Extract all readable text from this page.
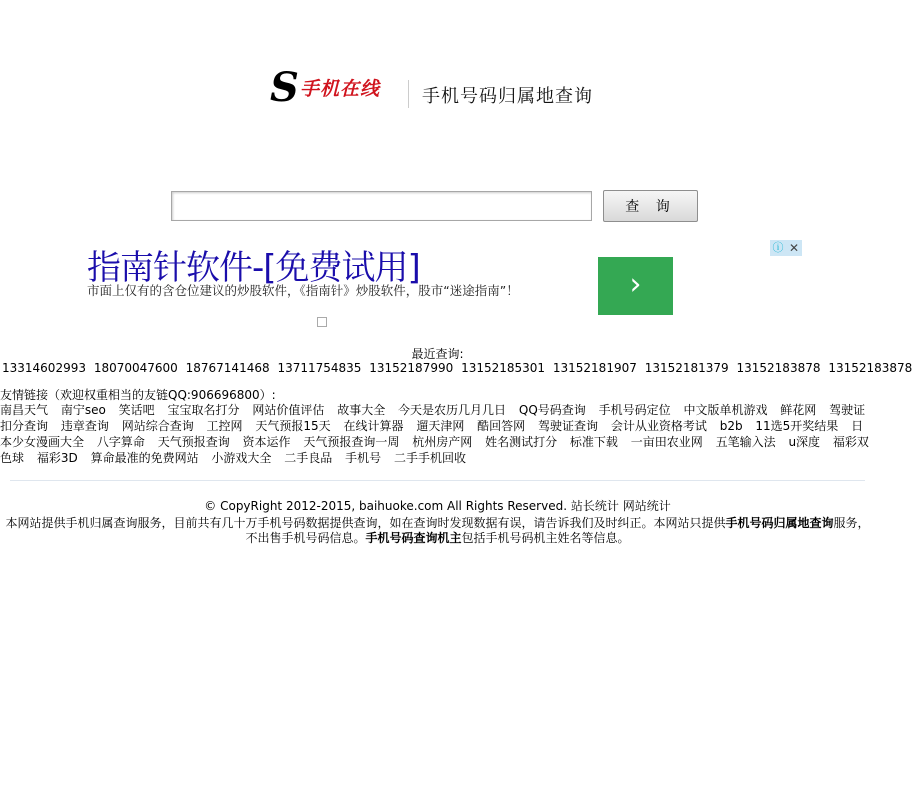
S 手机在线 手机号码归属地查询
查 询
指南针软件-[免费试用]
市面上仅有的含仓位建议的炒股软件，《指南针》炒股软件，股市“迷途指南”！	›
ⓘ ✕
最近查询:
13314602993 18070047600 18767141468 13711754835 13152187990 13152185301 13152181907 13152181379 13152183878 13152183878
友情链接（欢迎权重相当的友链QQ:906696800）:
南昌天气 南宁seo 笑话吧 宝宝取名打分 网站价值评估 故事大全 今天是农历几月几日 QQ号码查询 手机号码定位 中文版单机游戏 鲜花网 驾驶证扣分查询 违章查询 网站综合查询 工控网 天气预报15天 在线计算器 遛天津网 酷回答网 驾驶证查询 会计从业资格考试 b2b 11选5开奖结果 日本少女漫画大全 八字算命 天气预报查询 资本运作 天气预报查询一周 杭州房产网 姓名测试打分 标准下载 一亩田农业网 五笔输入法 u深度 福彩双色球 福彩3D 算命最准的免费网站 小游戏大全 二手良品 手机号 二手手机回收
© CopyRight 2012-2015, baihuoke.com All Rights Reserved. 站长统计 网站统计
本网站提供手机归属查询服务，目前共有几十万手机号码数据提供查询，如在查询时发现数据有误，请告诉我们及时纠正。本网站只提供手机号码归属地查询服务，不出售手机号码信息。手机号码查询机主包括手机号码机主姓名等信息。
